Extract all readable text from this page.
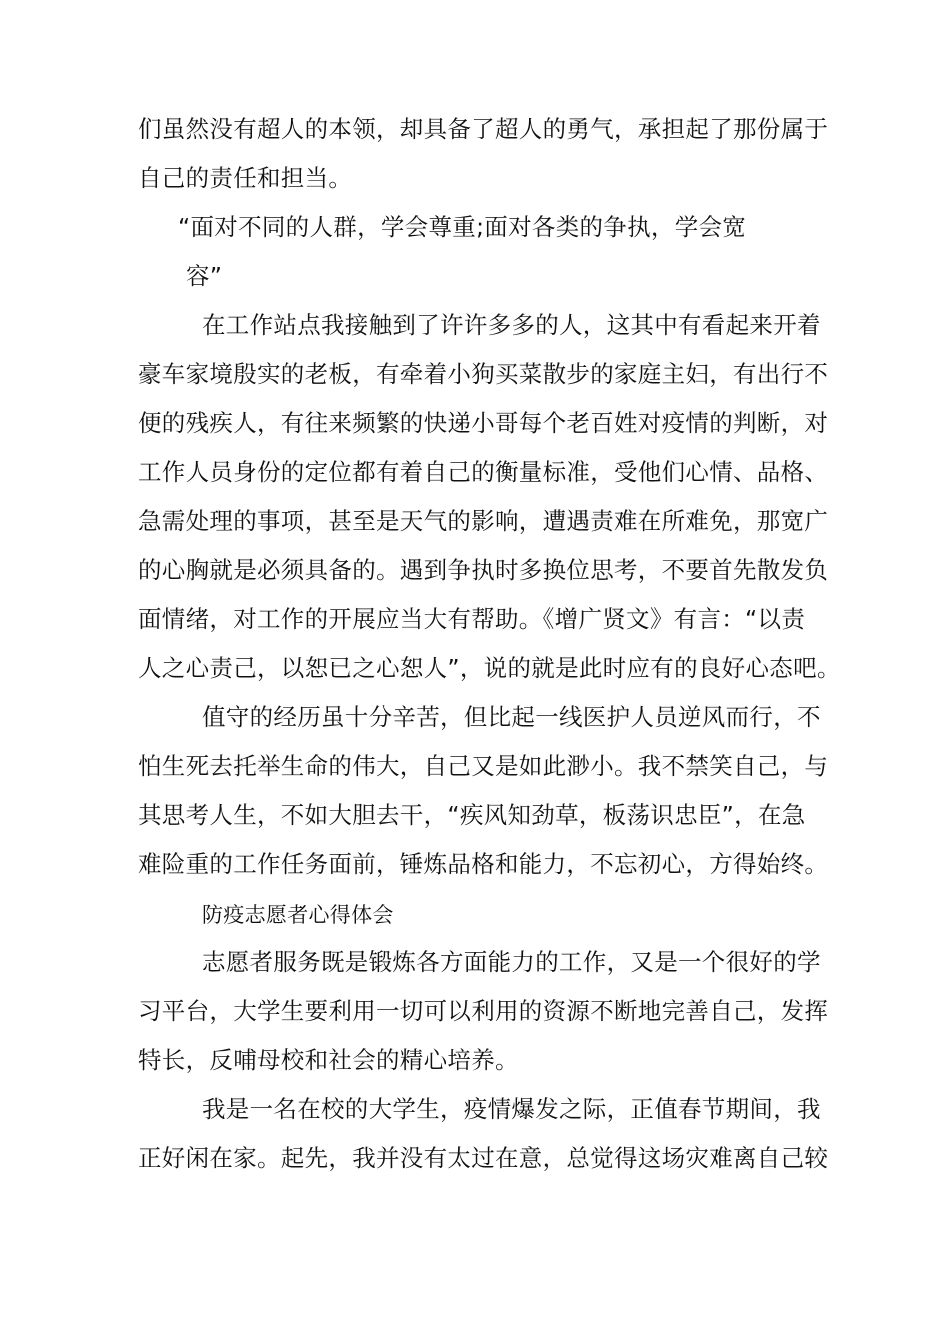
们虽然没有超人的本领，却具备了超人的勇气，承担起了那份属于
自己的责任和担当。
“面对不同的人群，学会尊重;面对各类的争执，学会宽
容”
在工作站点我接触到了许许多多的人，这其中有看起来开着
豪车家境殷实的老板，有牵着小狗买菜散步的家庭主妇，有出行不
便的残疾人，有往来频繁的快递小哥每个老百姓对疫情的判断，对
工作人员身份的定位都有着自己的衡量标准，受他们心情、品格、
急需处理的事项，甚至是天气的影响，遭遇责难在所难免，那宽广
的心胸就是必须具备的。遇到争执时多换位思考，不要首先散发负
面情绪，对工作的开展应当大有帮助。《增广贤文》有言：“以责
人之心责己，以恕已之心恕人”，说的就是此时应有的良好心态吧。
值守的经历虽十分辛苦，但比起一线医护人员逆风而行，不
怕生死去托举生命的伟大，自己又是如此渺小。我不禁笑自己，与
其思考人生，不如大胆去干，“疾风知劲草，板荡识忠臣”，在急
难险重的工作任务面前，锤炼品格和能力，不忘初心，方得始终。
防疫志愿者心得体会
志愿者服务既是锻炼各方面能力的工作，又是一个很好的学
习平台，大学生要利用一切可以利用的资源不断地完善自己，发挥
特长，反哺母校和社会的精心培养。
我是一名在校的大学生，疫情爆发之际，正值春节期间，我
正好闲在家。起先，我并没有太过在意，总觉得这场灾难离自己较
